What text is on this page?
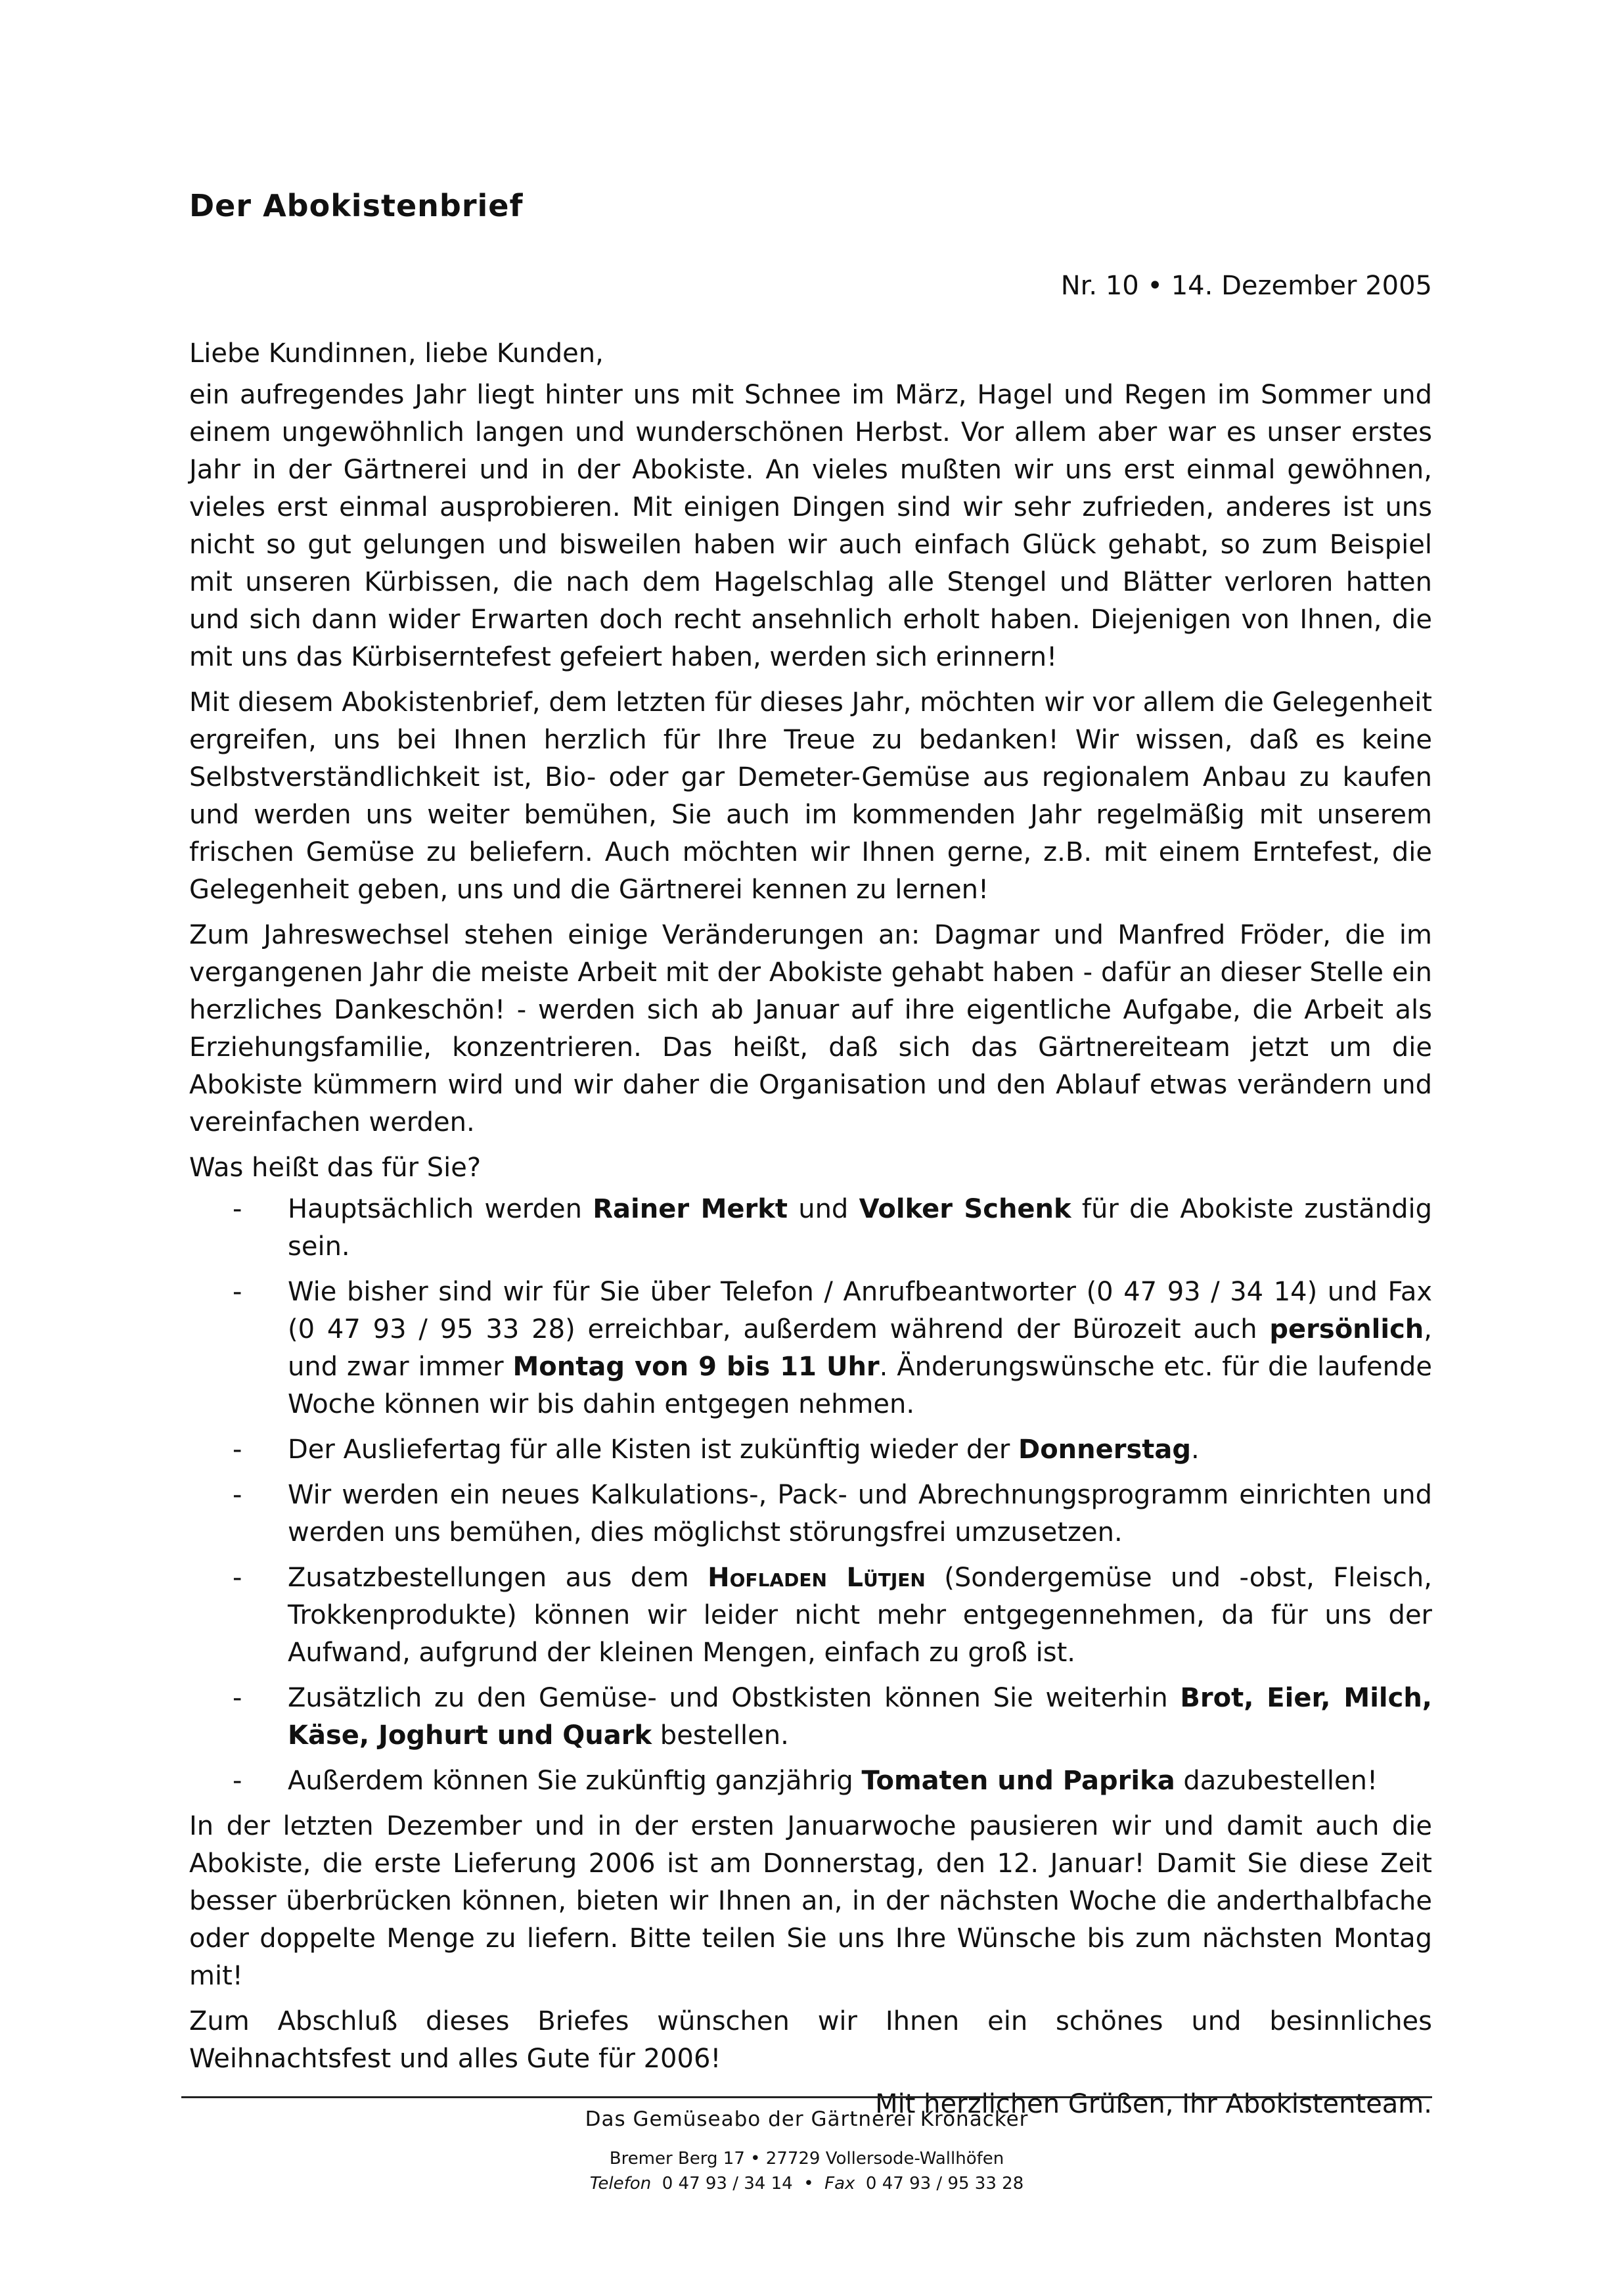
Der Abokistenbrief
Nr. 10 • 14. Dezember 2005

Liebe Kundinnen, liebe Kunden,

ein aufregendes Jahr liegt hinter uns mit Schnee im März, Hagel und Regen im Sommer und einem ungewöhnlich langen und wunderschönen Herbst. Vor allem aber war es unser erstes Jahr in der Gärtnerei und in der Abokiste. An vieles mußten wir uns erst einmal gewöhnen, vieles erst einmal ausprobieren. Mit einigen Dingen sind wir sehr zufrieden, anderes ist uns nicht so gut gelungen und bisweilen haben wir auch einfach Glück gehabt, so zum Beispiel mit unseren Kürbissen, die nach dem Hagelschlag alle Stengel und Blätter verloren hatten und sich dann wider Erwarten doch recht ansehnlich erholt haben. Diejenigen von Ihnen, die mit uns das Kürbiserntefest gefeiert haben, werden sich erinnern!

Mit diesem Abokistenbrief, dem letzten für dieses Jahr, möchten wir vor allem die Gelegenheit ergreifen, uns bei Ihnen herzlich für Ihre Treue zu bedanken! Wir wissen, daß es keine Selbstverständlichkeit ist, Bio- oder gar Demeter-Gemüse aus regionalem Anbau zu kaufen und werden uns weiter bemühen, Sie auch im kommenden Jahr regelmäßig mit unserem frischen Gemüse zu beliefern. Auch möchten wir Ihnen gerne, z.B. mit einem Erntefest, die Gelegenheit geben, uns und die Gärtnerei kennen zu lernen!

Zum Jahreswechsel stehen einige Veränderungen an: Dagmar und Manfred Fröder, die im vergangenen Jahr die meiste Arbeit mit der Abokiste gehabt haben - dafür an dieser Stelle ein herzliches Dankeschön! - werden sich ab Januar auf ihre eigentliche Aufgabe, die Arbeit als Erziehungsfamilie, konzentrieren. Das heißt, daß sich das Gärtnereiteam jetzt um die Abokiste kümmern wird und wir daher die Organisation und den Ablauf etwas verändern und vereinfachen werden.

Was heißt das für Sie?

- Hauptsächlich werden Rainer Merkt und Volker Schenk für die Abokiste zuständig sein.
- Wie bisher sind wir für Sie über Telefon / Anrufbeantworter (0 47 93 / 34 14) und Fax (0 47 93 / 95 33 28) erreichbar, außerdem während der Bürozeit auch persönlich, und zwar immer Montag von 9 bis 11 Uhr. Änderungswünsche etc. für die laufende Woche können wir bis dahin entgegen nehmen.
- Der Ausliefertag für alle Kisten ist zukünftig wieder der Donnerstag.
- Wir werden ein neues Kalkulations-, Pack- und Abrechnungsprogramm einrichten und werden uns bemühen, dies möglichst störungsfrei umzusetzen.
- Zusatzbestellungen aus dem Hofladen Lütjen (Sondergemüse und -obst, Fleisch, Trokkenprodukte) können wir leider nicht mehr entgegennehmen, da für uns der Aufwand, aufgrund der kleinen Mengen, einfach zu groß ist.
- Zusätzlich zu den Gemüse- und Obstkisten können Sie weiterhin Brot, Eier, Milch, Käse, Joghurt und Quark bestellen.
- Außerdem können Sie zukünftig ganzjährig Tomaten und Paprika dazubestellen!

In der letzten Dezember und in der ersten Januarwoche pausieren wir und damit auch die Abokiste, die erste Lieferung 2006 ist am Donnerstag, den 12. Januar! Damit Sie diese Zeit besser überbrücken können, bieten wir Ihnen an, in der nächsten Woche die anderthalbfache oder doppelte Menge zu liefern. Bitte teilen Sie uns Ihre Wünsche bis zum nächsten Montag mit!

Zum Abschluß dieses Briefes wünschen wir Ihnen ein schönes und besinnliches Weihnachtsfest und alles Gute für 2006!

Mit herzlichen Grüßen, Ihr Abokistenteam.

Das Gemüseabo der Gärtnerei Kronacker
Bremer Berg 17 • 27729 Vollersode-Wallhöfen
Telefon 0 47 93 / 34 14 • Fax 0 47 93 / 95 33 28
